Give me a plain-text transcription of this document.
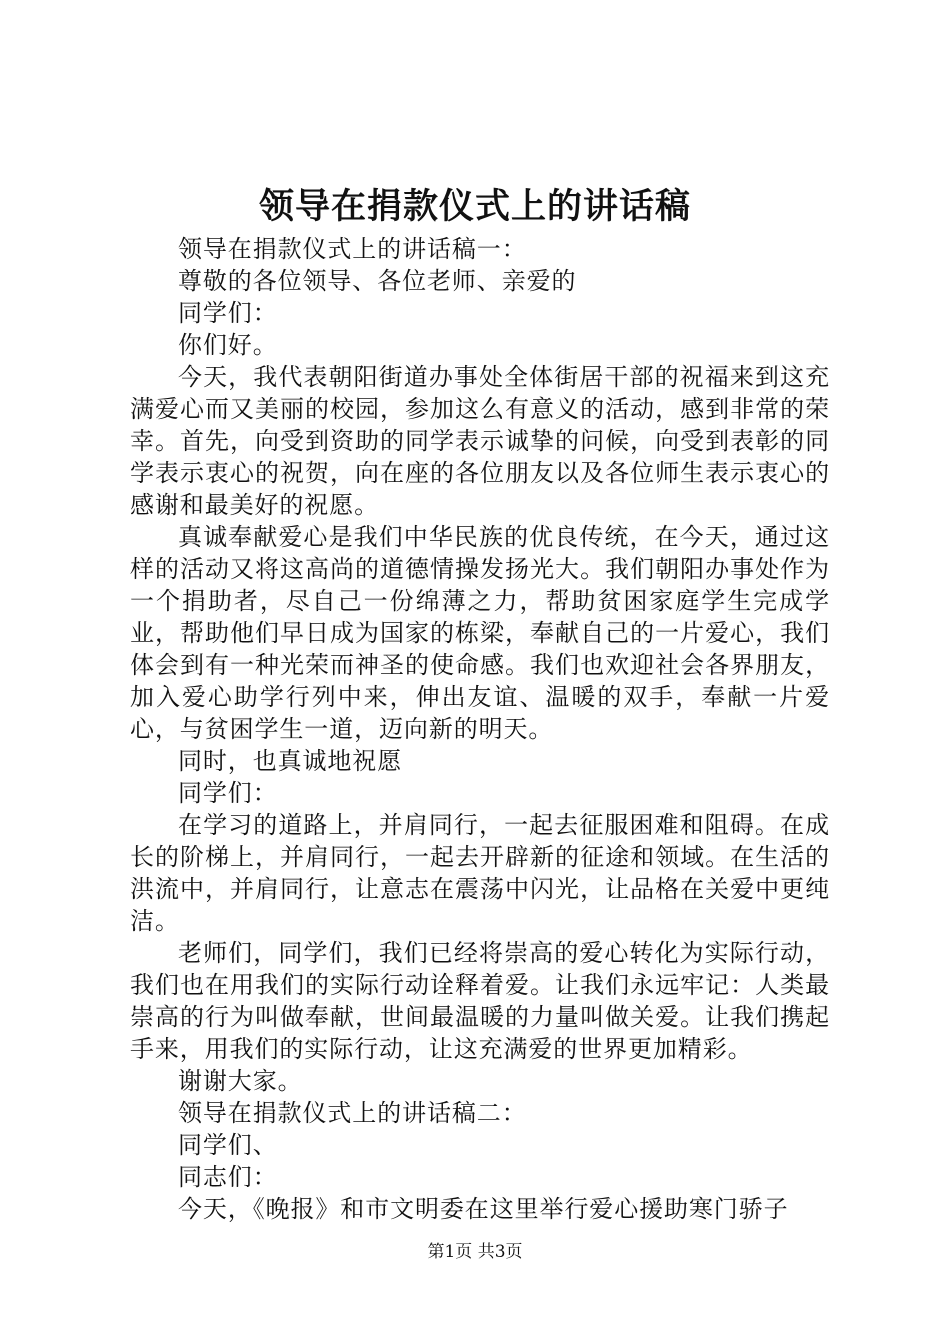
领导在捐款仪式上的讲话稿

领导在捐款仪式上的讲话稿一：

尊敬的各位领导、各位老师、亲爱的

同学们：

你们好。

今天，我代表朝阳街道办事处全体街居干部的祝福来到这充满爱心而又美丽的校园，参加这么有意义的活动，感到非常的荣幸。首先，向受到资助的同学表示诚挚的问候，向受到表彰的同学表示衷心的祝贺，向在座的各位朋友以及各位师生表示衷心的感谢和最美好的祝愿。

真诚奉献爱心是我们中华民族的优良传统，在今天，通过这样的活动又将这高尚的道德情操发扬光大。我们朝阳办事处作为一个捐助者，尽自己一份绵薄之力，帮助贫困家庭学生完成学业，帮助他们早日成为国家的栋梁，奉献自己的一片爱心，我们体会到有一种光荣而神圣的使命感。我们也欢迎社会各界朋友，加入爱心助学行列中来，伸出友谊、温暖的双手，奉献一片爱心，与贫困学生一道，迈向新的明天。

同时，也真诚地祝愿

同学们：

在学习的道路上，并肩同行，一起去征服困难和阻碍。在成长的阶梯上，并肩同行，一起去开辟新的征途和领域。在生活的洪流中，并肩同行，让意志在震荡中闪光，让品格在关爱中更纯洁。

老师们，同学们，我们已经将崇高的爱心转化为实际行动，我们也在用我们的实际行动诠释着爱。让我们永远牢记：人类最崇高的行为叫做奉献，世间最温暖的力量叫做关爱。让我们携起手来，用我们的实际行动，让这充满爱的世界更加精彩。

谢谢大家。

领导在捐款仪式上的讲话稿二：

同学们、

同志们：

今天，《晚报》和市文明委在这里举行爱心援助寒门骄子

第1页 共3页
